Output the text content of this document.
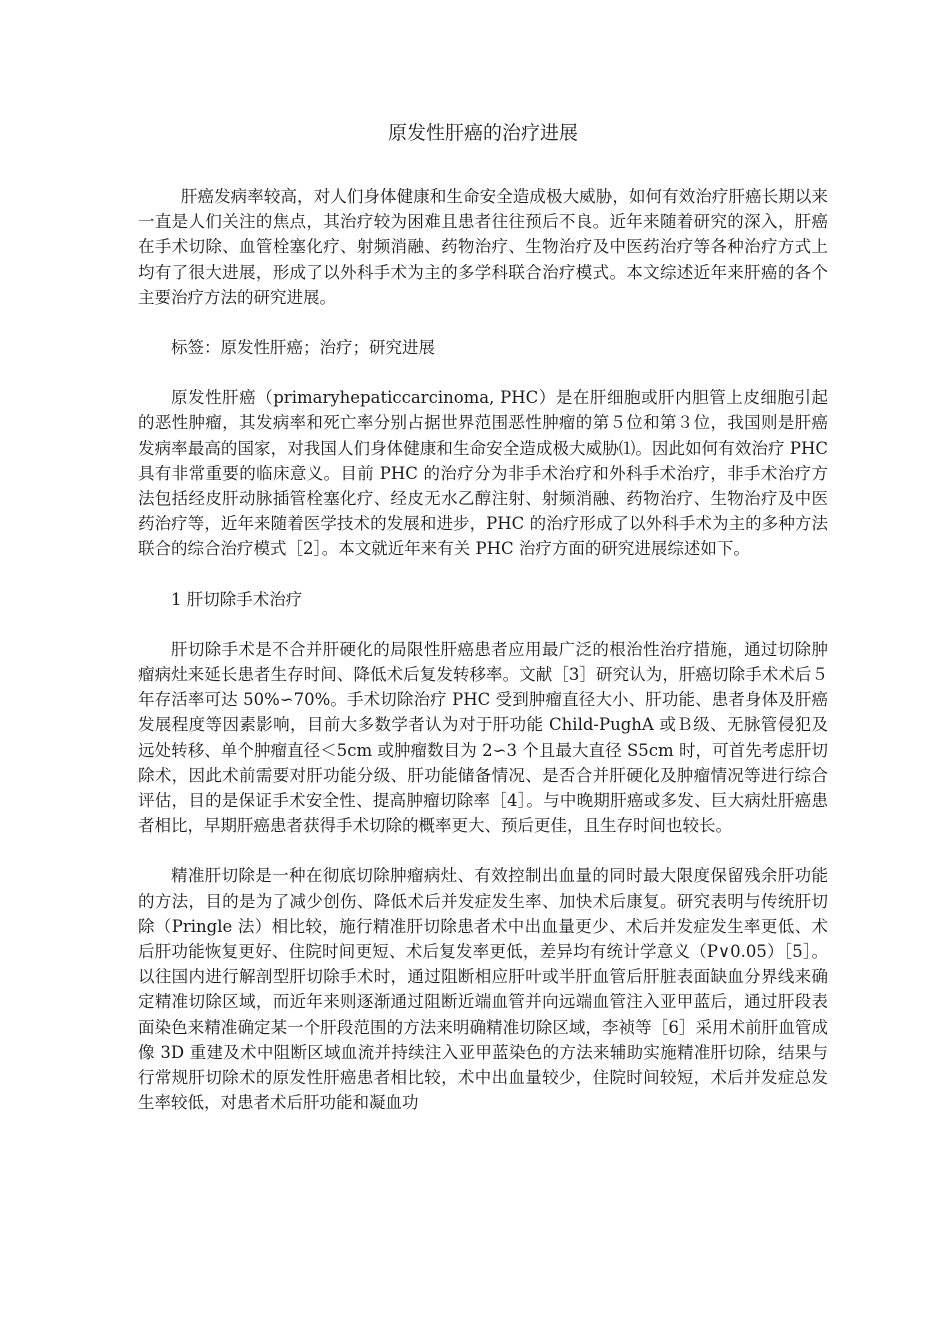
原发性肝癌的治疗进展

肝癌发病率较高，对人们身体健康和生命安全造成极大威胁，如何有效治疗肝癌长期以来一直是人们关注的焦点，其治疗较为困难且患者往往预后不良。近年来随着研究的深入，肝癌在手术切除、血管栓塞化疗、射频消融、药物治疗、生物治疗及中医药治疗等各种治疗方式上均有了很大进展，形成了以外科手术为主的多学科联合治疗模式。本文综述近年来肝癌的各个主要治疗方法的研究进展。

标签：原发性肝癌；治疗；研究进展

原发性肝癌（primaryhepaticcarcinoma, PHC）是在肝细胞或肝内胆管上皮细胞引起的恶性肿瘤，其发病率和死亡率分别占据世界范围恶性肿瘤的第５位和第３位，我国则是肝癌发病率最高的国家，对我国人们身体健康和生命安全造成极大威胁⑴。因此如何有效治疗 PHC 具有非常重要的临床意义。目前 PHC 的治疗分为非手术治疗和外科手术治疗，非手术治疗方法包括经皮肝动脉插管栓塞化疗、经皮无水乙醇注射、射频消融、药物治疗、生物治疗及中医药治疗等，近年来随着医学技术的发展和进步，PHC 的治疗形成了以外科手术为主的多种方法联合的综合治疗模式［2］。本文就近年来有关 PHC 治疗方面的研究进展综述如下。

1 肝切除手术治疗

肝切除手术是不合并肝硬化的局限性肝癌患者应用最广泛的根治性治疗措施，通过切除肿瘤病灶来延长患者生存时间、降低术后复发转移率。文献［3］研究认为，肝癌切除手术术后５年存活率可达 50%∽70%。手术切除治疗 PHC 受到肿瘤直径大小、肝功能、患者身体及肝癌发展程度等因素影响，目前大多数学者认为对于肝功能 Child-PughA 或Ｂ级、无脉管侵犯及远处转移、单个肿瘤直径＜5cm 或肿瘤数目为 2∽3 个且最大直径 S5cm 时，可首先考虑肝切除术，因此术前需要对肝功能分级、肝功能储备情况、是否合并肝硬化及肿瘤情况等进行综合评估，目的是保证手术安全性、提高肿瘤切除率［4］。与中晚期肝癌或多发、巨大病灶肝癌患者相比，早期肝癌患者获得手术切除的概率更大、预后更佳，且生存时间也较长。

精准肝切除是一种在彻底切除肿瘤病灶、有效控制出血量的同时最大限度保留残余肝功能的方法，目的是为了减少创伤、降低术后并发症发生率、加快术后康复。研究表明与传统肝切除（Pringle 法）相比较，施行精准肝切除患者术中出血量更少、术后并发症发生率更低、术后肝功能恢复更好、住院时间更短、术后复发率更低，差异均有统计学意义（P∨0.05）［5］。以往国内进行解剖型肝切除手术时，通过阻断相应肝叶或半肝血管后肝脏表面缺血分界线来确定精准切除区域，而近年来则逐渐通过阻断近端血管并向远端血管注入亚甲蓝后，通过肝段表面染色来精准确定某一个肝段范围的方法来明确精准切除区域，李祯等［6］采用术前肝血管成像 3D 重建及术中阻断区域血流并持续注入亚甲蓝染色的方法来辅助实施精准肝切除，结果与行常规肝切除术的原发性肝癌患者相比较，术中出血量较少，住院时间较短，术后并发症总发生率较低，对患者术后肝功能和凝血功
